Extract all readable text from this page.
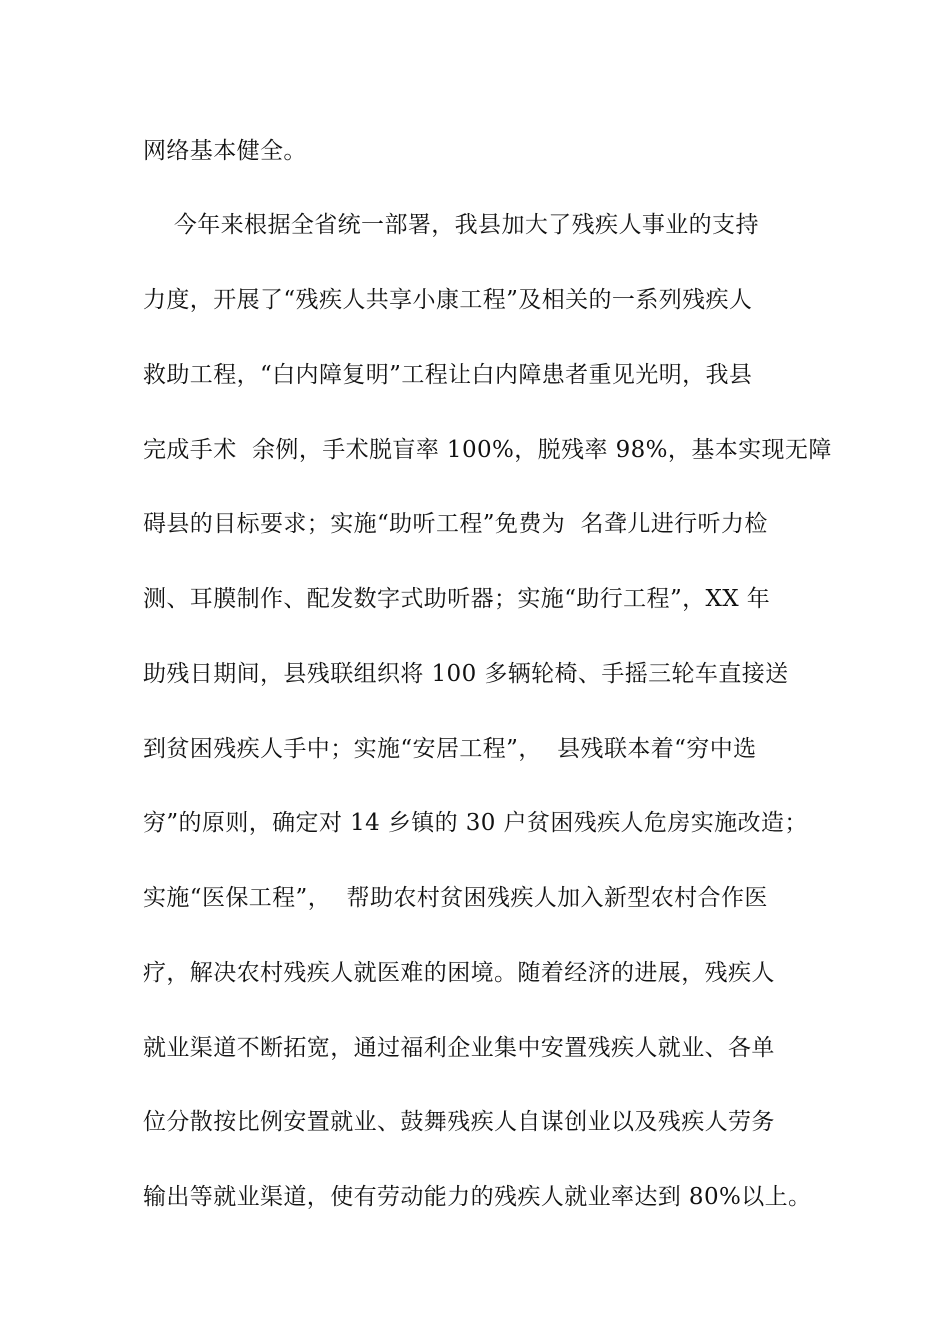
网络基本健全。
今年来根据全省统一部署，我县加大了残疾人事业的支持
力度，开展了“残疾人共享小康工程”及相关的一系列残疾人
救助工程，“白内障复明”工程让白内障患者重见光明，我县
完成手术  余例，手术脱盲率 100%，脱残率 98%，基本实现无障
碍县的目标要求；实施“助听工程”免费为  名聋儿进行听力检
测、耳膜制作、配发数字式助听器；实施“助行工程”，XX 年
助残日期间，县残联组织将 100 多辆轮椅、手摇三轮车直接送
到贫困残疾人手中；实施“安居工程”，  县残联本着“穷中选
穷”的原则，确定对 14 乡镇的 30 户贫困残疾人危房实施改造；
实施“医保工程”，  帮助农村贫困残疾人加入新型农村合作医
疗，解决农村残疾人就医难的困境。随着经济的进展，残疾人
就业渠道不断拓宽，通过福利企业集中安置残疾人就业、各单
位分散按比例安置就业、鼓舞残疾人自谋创业以及残疾人劳务
输出等就业渠道，使有劳动能力的残疾人就业率达到 80%以上。
